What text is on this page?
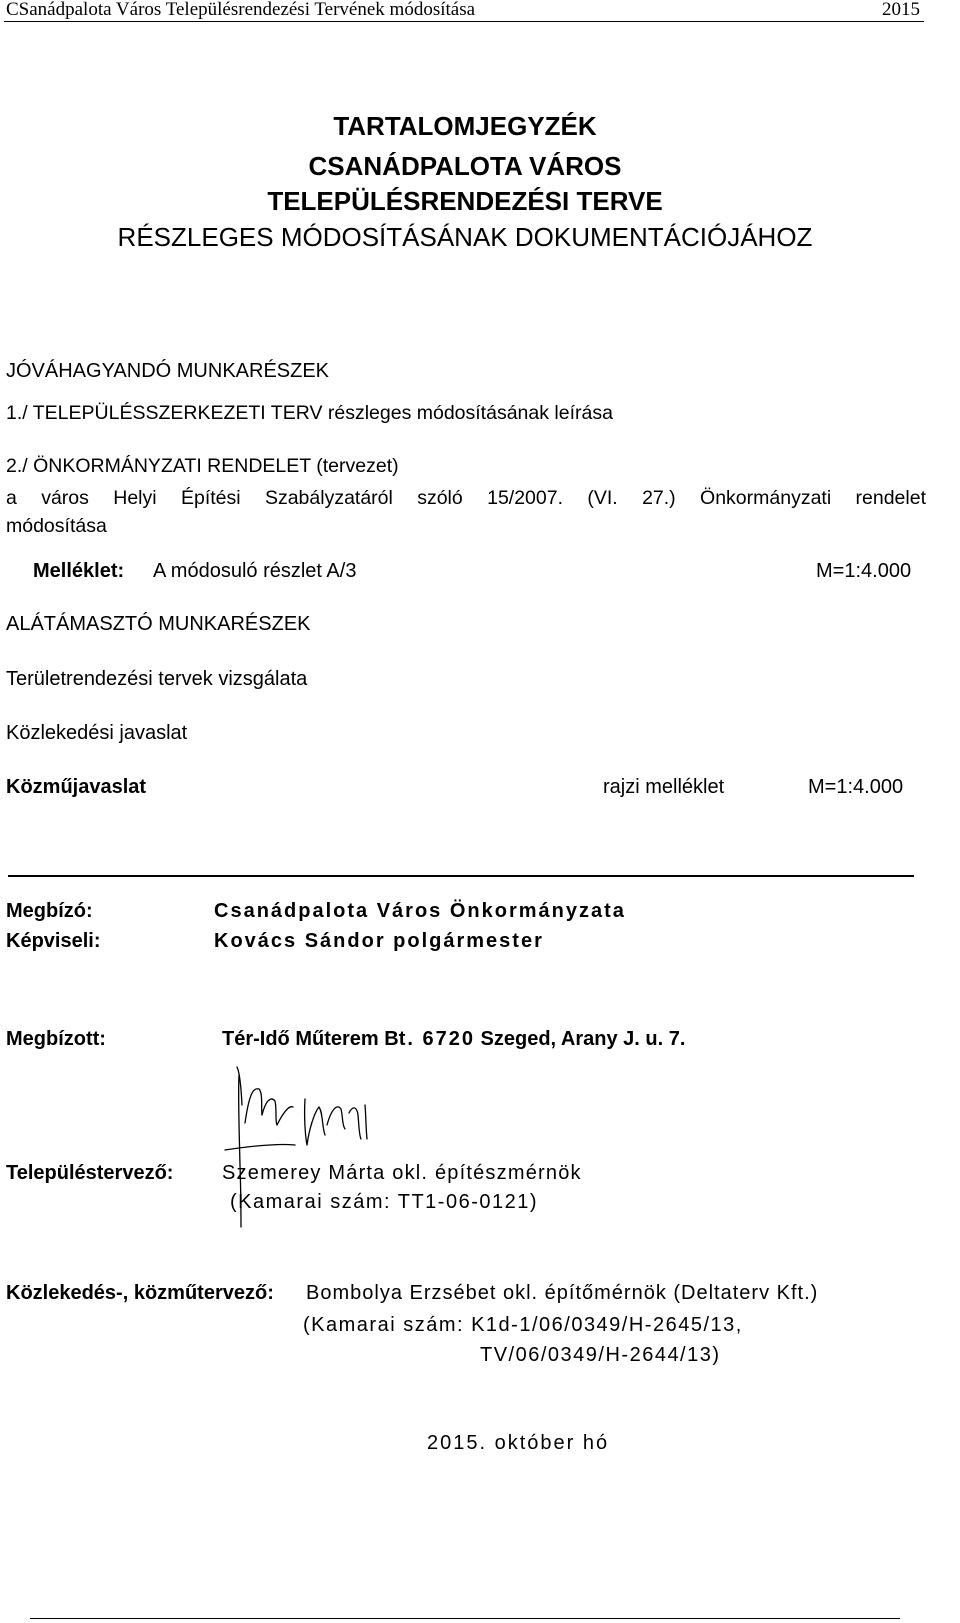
CSanádpalota Város Településrendezési Tervének módosítása	2015
TARTALOMJEGYZÉK
CSANÁDPALOTA VÁROS
TELEPÜLÉSRENDEZÉSI TERVE
RÉSZLEGES MÓDOSÍTÁSÁNAK DOKUMENTÁCIÓJÁHOZ
JÓVÁHAGYANDÓ MUNKARÉSZEK
1./ TELEPÜLÉSSZERKEZETI TERV részleges módosításának leírása
2./ ÖNKORMÁNYZATI RENDELET (tervezet)
a város Helyi Építési Szabályzatáról szóló 15/2007. (VI. 27.) Önkormányzati rendelet
módosítása
Melléklet: A módosuló részlet A/3	M=1:4.000
ALÁTÁMASZTÓ MUNKARÉSZEK
Területrendezési tervek vizsgálata
Közlekedési javaslat
Közműjavaslat	rajzi melléklet	M=1:4.000
Megbízó:	Csanádpalota Város Önkormányzata
Képviseli:	Kovács Sándor polgármester
Megbízott:	Tér-Idő Műterem Bt. 6720 Szeged, Arany J. u. 7.
Településtervező: Szemerey Márta okl. építészmérnök
(Kamarai szám: TT1-06-0121)
Közlekedés-, közműtervező: Bombolya Erzsébet okl. építőmérnök (Deltaterv Kft.)
(Kamarai szám: K1d-1/06/0349/H-2645/13,
TV/06/0349/H-2644/13)
2015. október hó
